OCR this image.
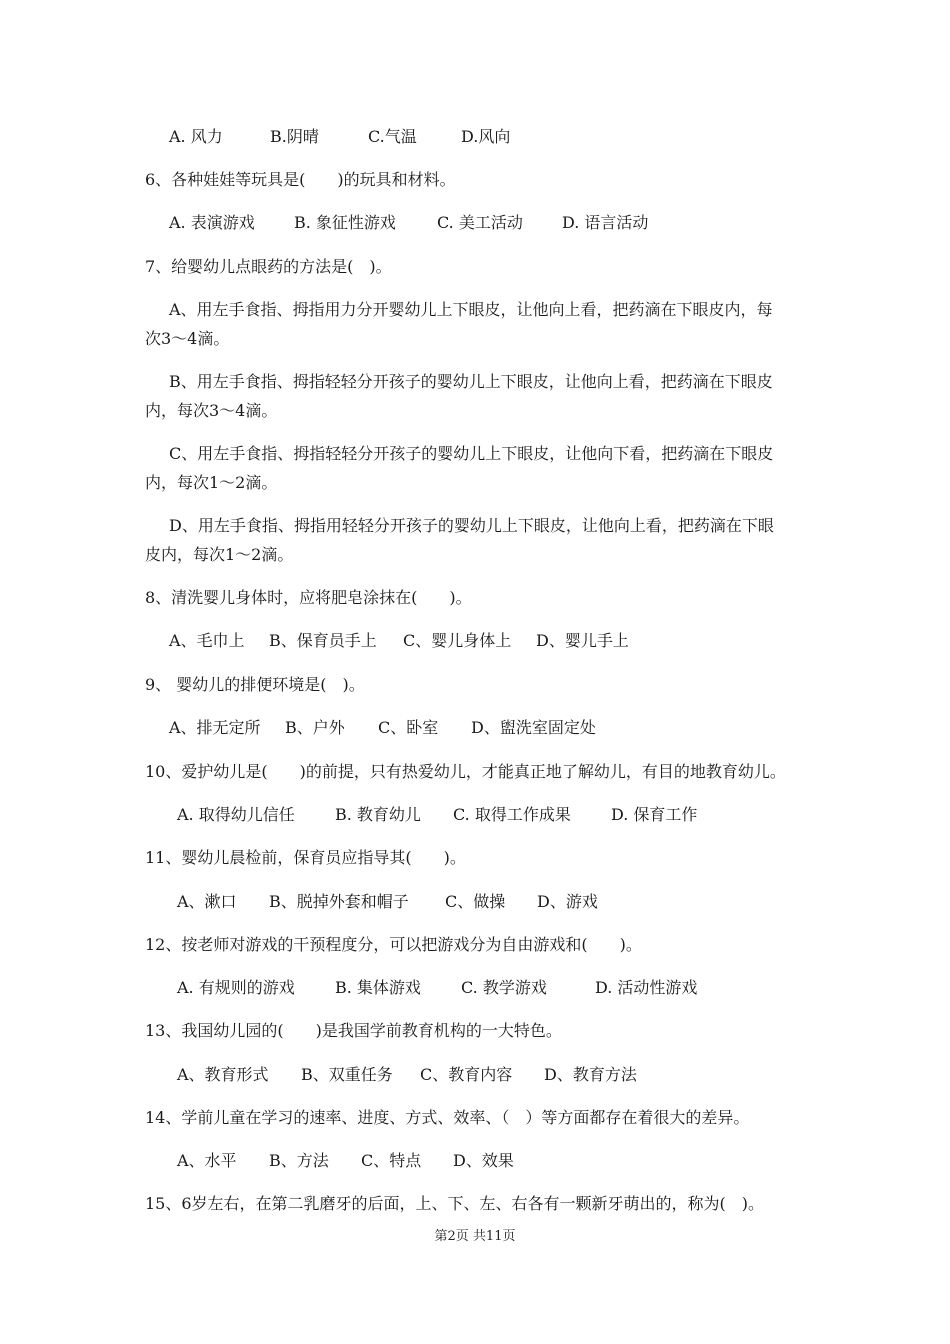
A. 风力	B.阴晴	C.气温	D.风向
6、各种娃娃等玩具是(　　)的玩具和材料。
A. 表演游戏 B. 象征性游戏	C. 美工活动 D. 语言活动
7、给婴幼儿点眼药的方法是(　)。
A、用左手食指、拇指用力分开婴幼儿上下眼皮，让他向上看，把药滴在下眼皮内，每
次3～4滴。
B、用左手食指、拇指轻轻分开孩子的婴幼儿上下眼皮，让他向上看，把药滴在下眼皮
内，每次3～4滴。
C、用左手食指、拇指轻轻分开孩子的婴幼儿上下眼皮，让他向下看，把药滴在下眼皮
内，每次1～2滴。
D、用左手食指、拇指用轻轻分开孩子的婴幼儿上下眼皮，让他向上看，把药滴在下眼
皮内，每次1～2滴。
8、清洗婴儿身体时，应将肥皂涂抹在(　　)。
A、毛巾上 B、保育员手上 C、婴儿身体上 D、婴儿手上
9、 婴幼儿的排便环境是(　)。
A、排无定所 B、户外 C、卧室 D、盥洗室固定处
10、爱护幼儿是(　　)的前提，只有热爱幼儿，才能真正地了解幼儿，有目的地教育幼儿。
A. 取得幼儿信任	B. 教育幼儿 C. 取得工作成果	D. 保育工作
11、婴幼儿晨检前，保育员应指导其(　　)。
A、漱口 B、脱掉外套和帽子 C、做操 D、游戏
12、按老师对游戏的干预程度分，可以把游戏分为自由游戏和(　　)。
A. 有规则的游戏	B. 集体游戏	C. 教学游戏	D. 活动性游戏
13、我国幼儿园的(　　)是我国学前教育机构的一大特色。
A、教育形式 B、双重任务 C、教育内容 D、教育方法
14、学前儿童在学习的速率、进度、方式、效率、（　）等方面都存在着很大的差异。
A、水平 B、方法 C、特点 D、效果
15、6岁左右，在第二乳磨牙的后面，上、下、左、右各有一颗新牙萌出的，称为(　)。
第2页 共11页
